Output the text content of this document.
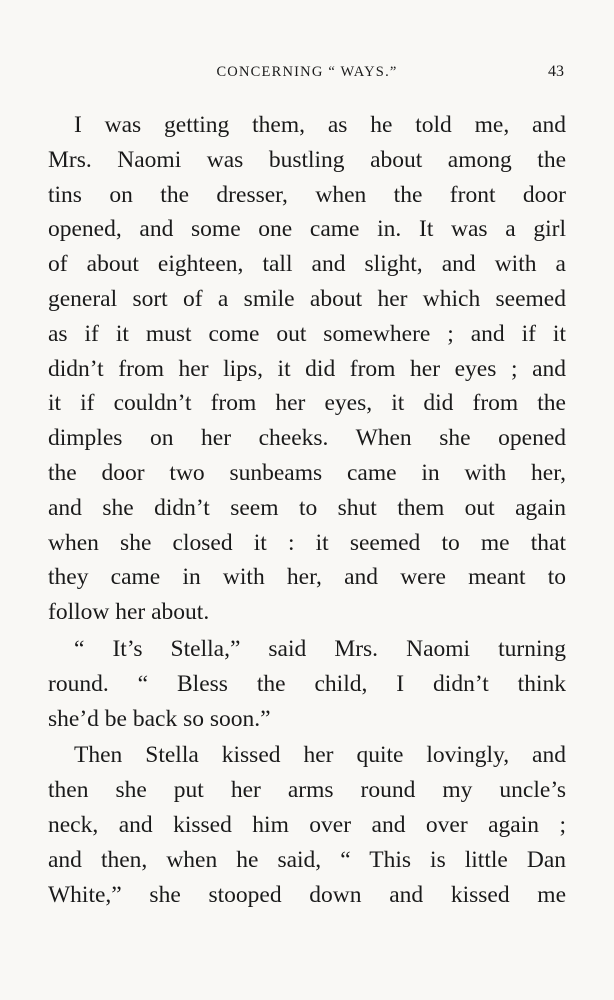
CONCERNING “ WAYS.”	43
I was getting them, as he told me, and
Mrs. Naomi was bustling about among the
tins on the dresser, when the front door
opened, and some one came in. It was a girl
of about eighteen, tall and slight, and with a
general sort of a smile about her which seemed
as if it must come out somewhere ; and if it
didn’t from her lips, it did from her eyes ; and
it if couldn’t from her eyes, it did from the
dimples on her cheeks. When she opened
the door two sunbeams came in with her,
and she didn’t seem to shut them out again
when she closed it : it seemed to me that
they came in with her, and were meant to
follow her about.
“ It’s Stella,” said Mrs. Naomi turning
round. “ Bless the child, I didn’t think
she’d be back so soon.”
Then Stella kissed her quite lovingly, and
then she put her arms round my uncle’s
neck, and kissed him over and over again ;
and then, when he said, “ This is little Dan
White,” she stooped down and kissed me
